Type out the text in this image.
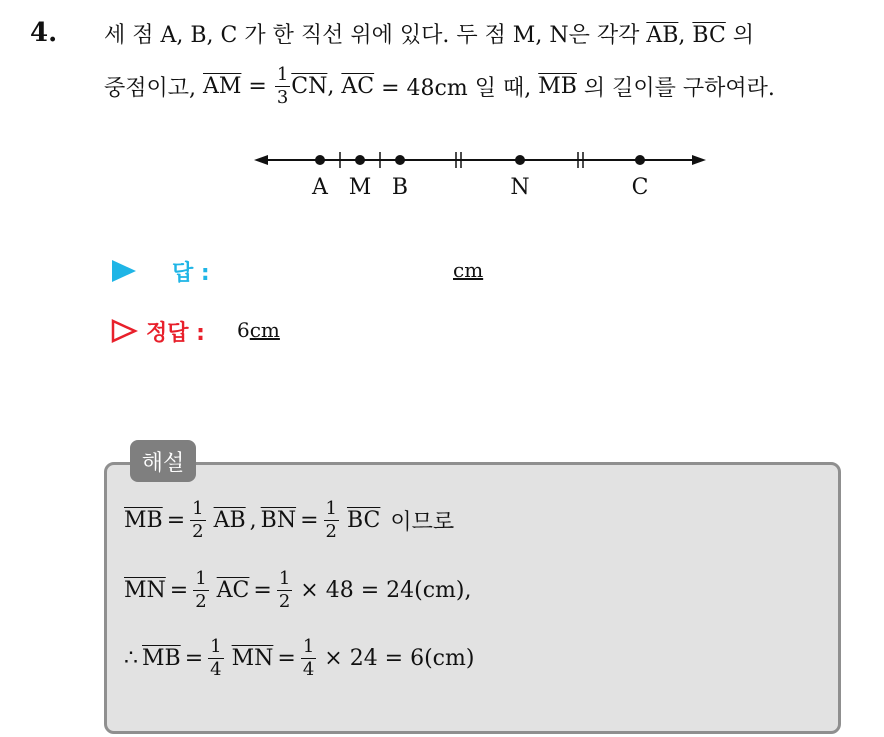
4. 세 점 A, B, C 가 한 직선 위에 있다. 두 점 M, N은 각각 $\overline{AB}$, $\overline{BC}$ 의
중점이고, $\overline{AM} = \frac{1}{3} \overline{CN}$ , $\overline{AC} = 48cm$ 일 때, $\overline{MB}$ 의 길이를 구하여라.
A M B	N	C
답 :	cm
정답 : 6cm
해설
$\overline{MB} = \frac{1}{2} \overline{AB}$ , $\overline{BN} = \frac{1}{2} \overline{BC}$ 이므로
$\overline{MN} = \frac{1}{2} \overline{AC} = \frac{1}{2} \times 48 = 24(cm)$,
∴ $\overline{MB} = \frac{1}{4} \overline{MN} = \frac{1}{4} \times 24 = 6(cm)$
